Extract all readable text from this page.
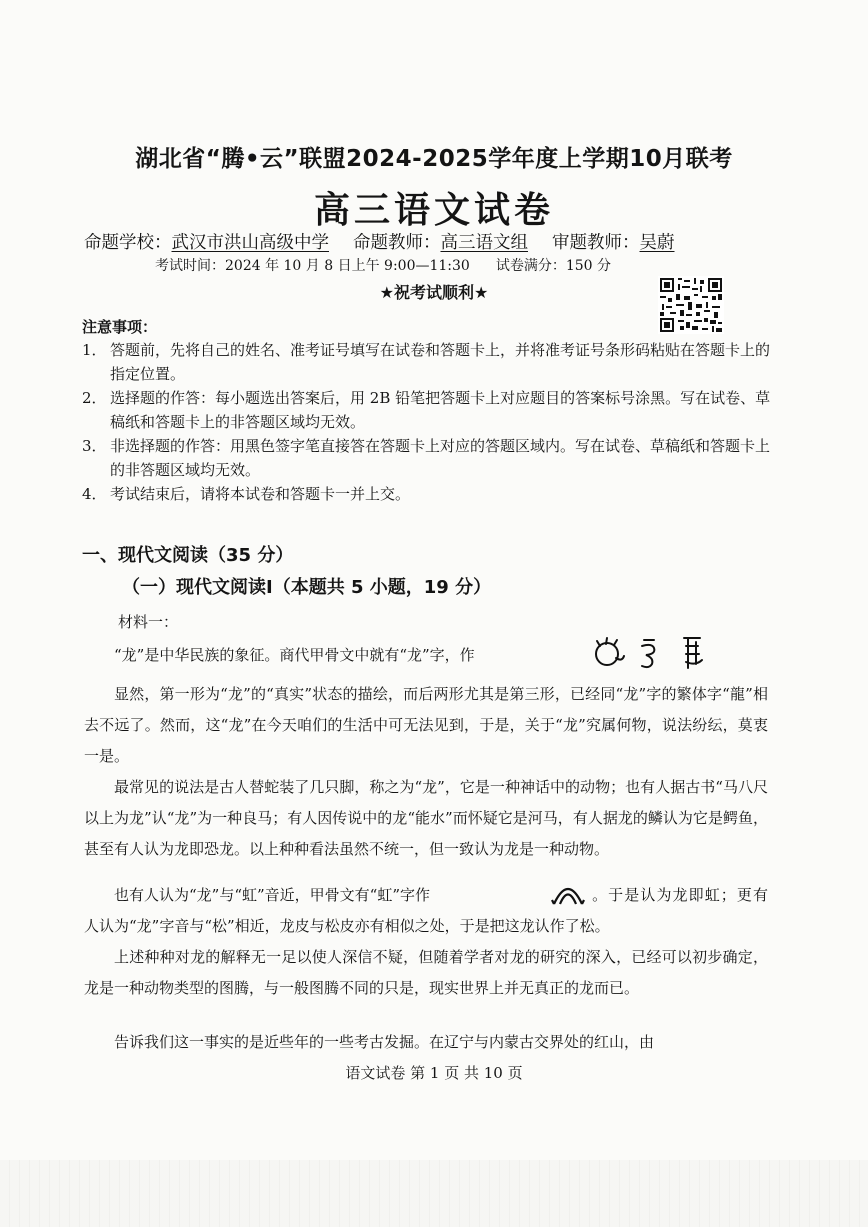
湖北省“腾•云”联盟2024-2025学年度上学期10月联考
高三语文试卷
命题学校：武汉市洪山高级中学 命题教师：高三语文组 审题教师：吴蔚
考试时间：2024 年 10 月 8 日上午 9:00—11:30 试卷满分：150 分
★祝考试顺利★
注意事项：
1． 答题前，先将自己的姓名、准考证号填写在试卷和答题卡上，并将准考证号条形码粘贴在答题卡上的指定位置。
2． 选择题的作答：每小题选出答案后，用 2B 铅笔把答题卡上对应题目的答案标号涂黑。写在试卷、草稿纸和答题卡上的非答题区域均无效。
3． 非选择题的作答：用黑色签字笔直接答在答题卡上对应的答题区域内。写在试卷、草稿纸和答题卡上的非答题区域均无效。
4． 考试结束后，请将本试卷和答题卡一并上交。
一、现代文阅读（35 分）
（一）现代文阅读Ⅰ（本题共 5 小题，19 分）
材料一：
“龙”是中华民族的象征。商代甲骨文中就有“龙”字，作
显然，第一形为“龙”的“真实”状态的描绘，而后两形尤其是第三形，已经同“龙”字的繁体字“龍”相去不远了。然而，这“龙”在今天咱们的生活中可无法见到，于是，关于“龙”究属何物，说法纷纭，莫衷一是。
最常见的说法是古人替蛇装了几只脚，称之为“龙”，它是一种神话中的动物；也有人据古书“马八尺以上为龙”认“龙”为一种良马；有人因传说中的龙“能水”而怀疑它是河马，有人据龙的鳞认为它是鳄鱼，甚至有人认为龙即恐龙。以上种种看法虽然不统一，但一致认为龙是一种动物。
也有人认为“龙”与“虹”音近，甲骨文有“虹”字作	。于是认为龙即虹；更有人认为“龙”字音与“松”相近，龙皮与松皮亦有相似之处，于是把这龙认作了松。
上述种种对龙的解释无一足以使人深信不疑，但随着学者对龙的研究的深入，已经可以初步确定，龙是一种动物类型的图腾，与一般图腾不同的只是，现实世界上并无真正的龙而已。
告诉我们这一事实的是近些年的一些考古发掘。在辽宁与内蒙古交界处的红山，由
语文试卷 第 1 页 共 10 页
